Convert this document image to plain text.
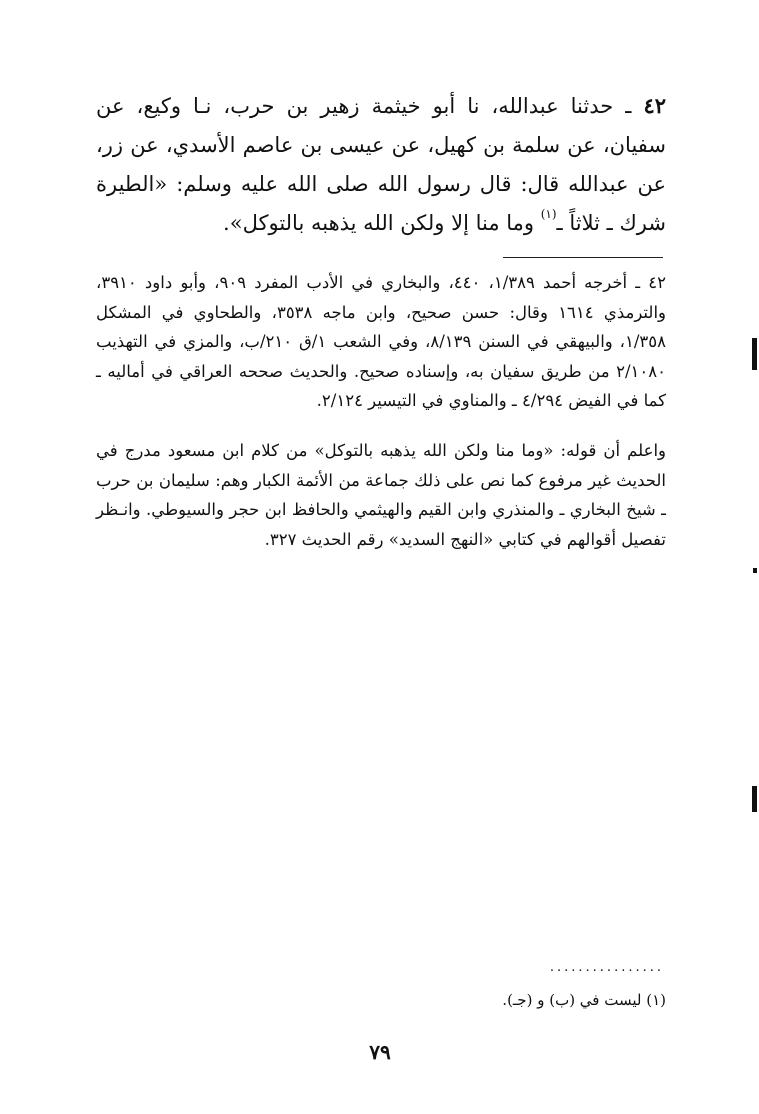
٤٢ ـ حدثنا عبدالله، نا أبو خيثمة زهير بن حرب، نـا وكيع، عن سفيان، عن سلمة بن كهيل، عن عيسى بن عاصم الأسدي، عن زر، عن عبدالله قال: قال رسول الله صلى الله عليه وسلم: «الطيرة شرك ـ ثلاثاً ـ$^{(١)}$ وما منا إلا ولكن الله يذهبه بالتوكل».

٤٢ ـ أخرجه أحمد ١/٣٨٩، ٤٤٠، والبخاري في الأدب المفرد ٩٠٩، وأبو داود ٣٩١٠، والترمذي ١٦١٤ وقال: حسن صحيح، وابن ماجه ٣٥٣٨، والطحاوي في المشكل ١/٣٥٨، والبيهقي في السنن ٨/١٣٩، وفي الشعب ١/ق ٢١٠/ب، والمزي في التهذيب ٢/١٠٨٠ من طريق سفيان به، وإسناده صحيح. والحديث صححه العراقي في أماليه ـ كما في الفيض ٤/٢٩٤ ـ والمناوي في التيسير ٢/١٢٤.

واعلم أن قوله: «وما منا ولكن الله يذهبه بالتوكل» من كلام ابن مسعود مدرج في الحديث غير مرفوع كما نص على ذلك جماعة من الأئمة الكبار وهم: سليمان بن حرب ـ شيخ البخاري ـ والمنذري وابن القيم والهيثمي والحافظ ابن حجر والسيوطي. وانـظر تفصيل أقوالهم في كتابي «النهج السديد» رقم الحديث ٣٢٧.

................

(١) ليست في (ب) و (جـ).

٧٩
